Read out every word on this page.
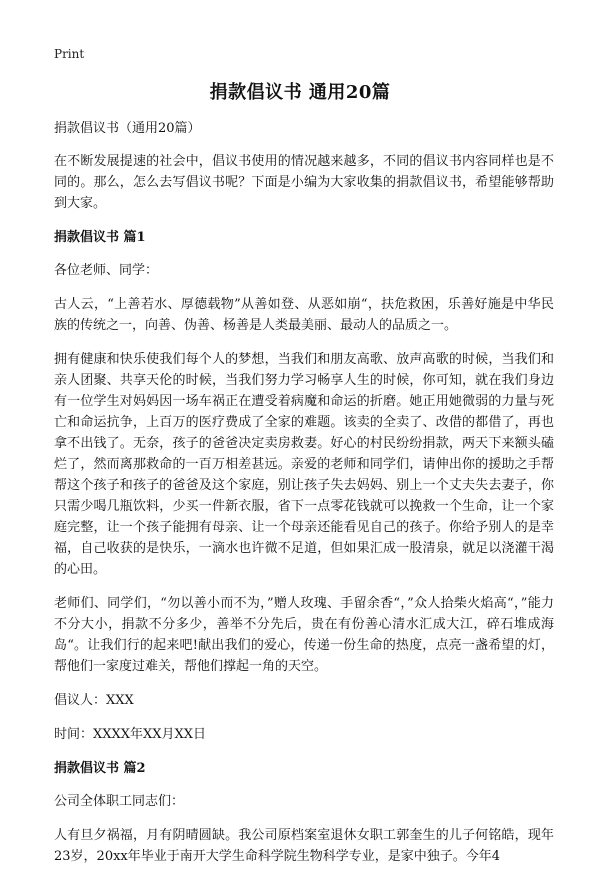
Print
捐款倡议书 通用20篇

捐款倡议书（通用20篇）

在不断发展提速的社会中，倡议书使用的情况越来越多，不同的倡议书内容同样也是不同的。那么，怎么去写倡议书呢？下面是小编为大家收集的捐款倡议书，希望能够帮助到大家。

捐款倡议书 篇1

各位老师、同学：

古人云，“上善若水、厚德载物”从善如登、从恶如崩“，扶危救困，乐善好施是中华民族的传统之一，向善、伪善、杨善是人类最美丽、最动人的品质之一。

拥有健康和快乐使我们每个人的梦想，当我们和朋友高歌、放声高歌的时候，当我们和亲人团聚、共享天伦的时候，当我们努力学习畅享人生的时候，你可知，就在我们身边有一位学生对妈妈因一场车祸正在遭受着病魔和命运的折磨。她正用她微弱的力量与死亡和命运抗争，上百万的医疗费成了全家的难题。该卖的全卖了、改借的都借了，再也拿不出钱了。无奈，孩子的爸爸决定卖房救妻。好心的村民纷纷捐款，两天下来额头磕烂了，然而离那救命的一百万相差甚远。亲爱的老师和同学们，请伸出你的援助之手帮帮这个孩子和孩子的爸爸及这个家庭，别让孩子失去妈妈、别上一个丈夫失去妻子，你只需少喝几瓶饮料，少买一件新衣服，省下一点零花钱就可以挽救一个生命，让一个家庭完整，让一个孩子能拥有母亲、让一个母亲还能看见自己的孩子。你给予别人的是幸福，自己收获的是快乐，一滴水也许微不足道，但如果汇成一股清泉，就足以浇灌干渴的心田。

老师们、同学们，“勿以善小而不为，”赠人玫瑰、手留余香“，”众人拾柴火焰高“，”能力不分大小，捐款不分多少，善举不分先后，贵在有份善心清水汇成大江，碎石堆成海岛“。让我们行的起来吧!献出我们的爱心，传递一份生命的热度，点亮一盏希望的灯，帮他们一家度过难关，帮他们撑起一角的天空。

倡议人：XXX

时间：XXXX年XX月XX日

捐款倡议书 篇2

公司全体职工同志们：

人有旦夕祸福，月有阴晴圆缺。我公司原档案室退休女职工郭奎生的儿子何铭皓，现年23岁，20xx年毕业于南开大学生命科学院生物科学专业，是家中独子。今年4
